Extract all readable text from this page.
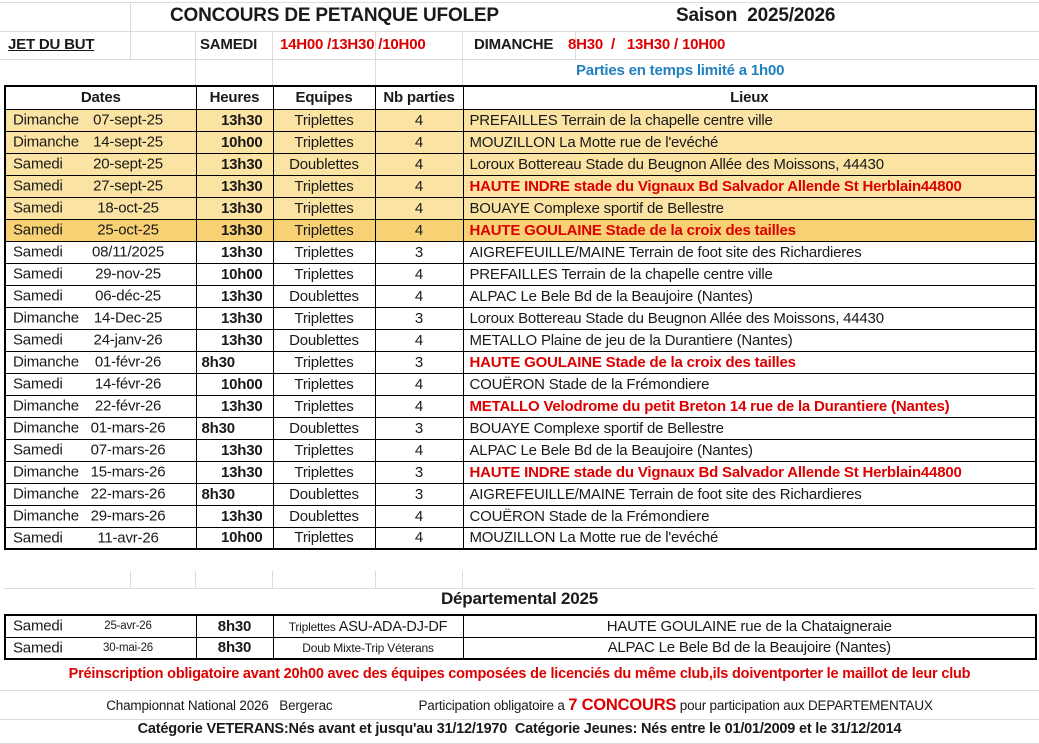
CONCOURS DE PETANQUE UFOLEP	Saison  2025/2026
JET DU BUT	SAMEDI 14H00 /13H30 /10H00	DIMANCHE 8H30  /   13H30 / 10H00
Parties en temps limité a 1h00
Dates	Heures	Equipes	Nb parties	Lieux

Dimanche 07-sept-25	13h30	Triplettes	4	PREFAILLES Terrain de la chapelle centre ville

Dimanche 14-sept-25	10h00	Triplettes	4	MOUZILLON La Motte rue de l'evéché

Samedi 20-sept-25	13h30	Doublettes	4	Loroux Bottereau Stade du Beugnon Allée des Moissons, 44430

Samedi 27-sept-25	13h30	Triplettes	4	HAUTE INDRE stade du Vignaux Bd Salvador Allende St Herblain44800

Samedi 18-oct-25	13h30	Triplettes	4	BOUAYE Complexe sportif de Bellestre

Samedi 25-oct-25	13h30	Triplettes	4	HAUTE GOULAINE Stade de la croix des tailles

Samedi 08/11/2025	13h30	Triplettes	3	AIGREFEUILLE/MAINE Terrain de foot site des Richardieres

Samedi 29-nov-25	10h00	Triplettes	4	PREFAILLES Terrain de la chapelle centre ville

Samedi 06-déc-25	13h30	Doublettes	4	ALPAC Le Bele Bd de la Beaujoire (Nantes)

Dimanche 14-Dec-25	13h30	Triplettes	3	Loroux Bottereau Stade du Beugnon Allée des Moissons, 44430

Samedi 24-janv-26	13h30	Doublettes	4	METALLO Plaine de jeu de la Durantiere (Nantes)

Dimanche 01-févr-26	8h30	Triplettes	3	HAUTE GOULAINE Stade de la croix des tailles

Samedi 14-févr-26	10h00	Triplettes	4	COUËRON Stade de la Frémondiere

Dimanche 22-févr-26	13h30	Triplettes	4	METALLO Velodrome du petit Breton 14 rue de la Durantiere (Nantes)

Dimanche 01-mars-26	8h30	Doublettes	3	BOUAYE Complexe sportif de Bellestre

Samedi 07-mars-26	13h30	Triplettes	4	ALPAC Le Bele Bd de la Beaujoire (Nantes)

Dimanche 15-mars-26	13h30	Triplettes	3	HAUTE INDRE stade du Vignaux Bd Salvador Allende St Herblain44800

Dimanche 22-mars-26	8h30	Doublettes	3	AIGREFEUILLE/MAINE Terrain de foot site des Richardieres

Dimanche 29-mars-26	13h30	Doublettes	4	COUËRON Stade de la Frémondiere

Samedi 11-avr-26	10h00	Triplettes	4	MOUZILLON La Motte rue de l'evéché
Départemental 2025
Samedi 25-avr-26	8h30	Triplettes ASU-ADA-DJ-DF	HAUTE GOULAINE rue de la Chataigneraie

Samedi 30-mai-26	8h30	Doub Mixte-Trip Véterans	ALPAC Le Bele Bd de la Beaujoire (Nantes)
Préinscription obligatoire avant 20h00 avec des équipes composées de licenciés du même club,ils doiventporter le maillot de leur club
Championnat National 2026   Bergerac	Participation obligatoire a 7 CONCOURS pour participation aux DEPARTEMENTAUX
Catégorie VETERANS:Nés avant et jusqu'au 31/12/1970  Catégorie Jeunes: Nés entre le 01/01/2009 et le 31/12/2014
